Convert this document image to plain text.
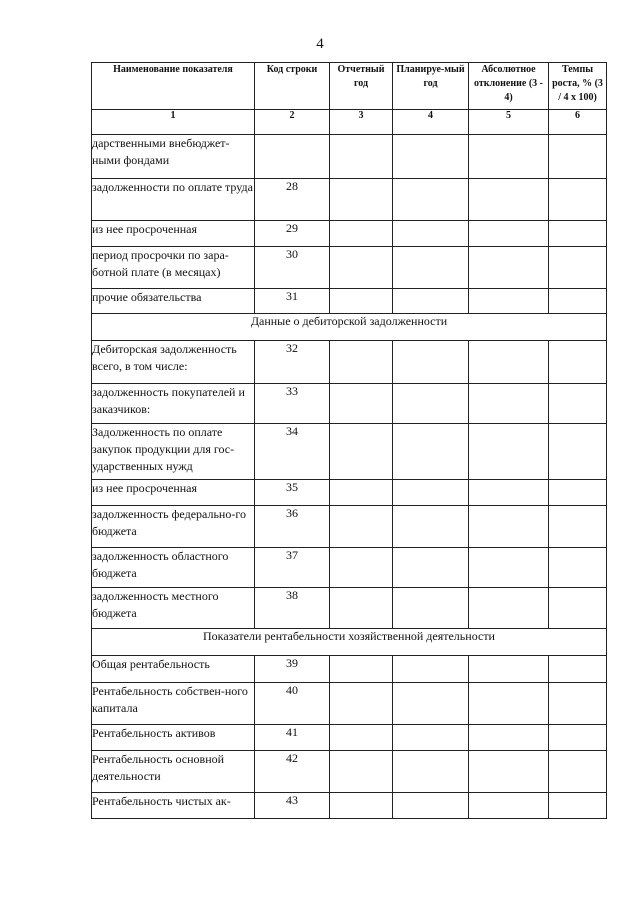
4
Наименование показателя	Код строки	Отчетный год	Планируе-мый год	Абсолютное отклонение (3 - 4)	Темпы роста, % (3 / 4 x 100)
1	2	3	4	5	6
дарственными внебюджет-ными фондами					
задолженности по оплате труда	28				
из нее просроченная	29				
период просрочки по зара-ботной плате (в месяцах)	30				
прочие обязательства	31				
Данные о дебиторской задолженности					
Дебиторская задолженность всего, в том числе:	32				
задолженность покупателей и заказчиков:	33				
Задолженность по оплате закупок продукции для гос-ударственных нужд	34				
из нее просроченная	35				
задолженность федерально-го бюджета	36				
задолженность областного бюджета	37				
задолженность местного бюджета	38				
Показатели рентабельности хозяйственной деятельности					
Общая рентабельность	39				
Рентабельность собствен-ного капитала	40				
Рентабельность активов	41				
Рентабельность основной деятельности	42				
Рентабельность чистых ак-	43				
